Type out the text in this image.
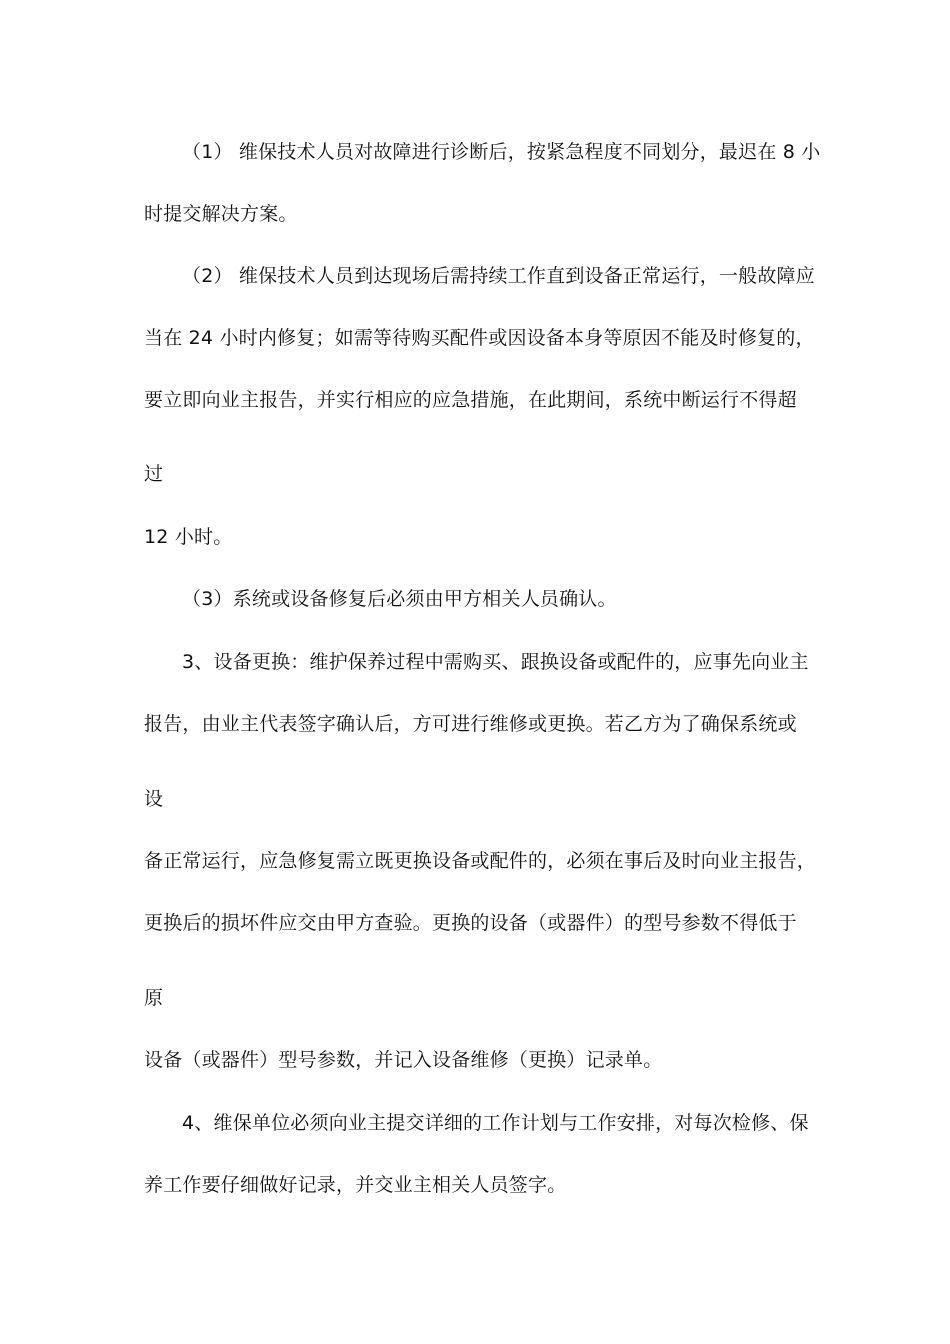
（1） 维保技术人员对故障进行诊断后，按紧急程度不同划分，最迟在 8 小
时提交解决方案。
（2） 维保技术人员到达现场后需持续工作直到设备正常运行，一般故障应
当在 24 小时内修复；如需等待购买配件或因设备本身等原因不能及时修复的，
要立即向业主报告，并实行相应的应急措施，在此期间，系统中断运行不得超
过
12 小时。
（3）系统或设备修复后必须由甲方相关人员确认。
3、设备更换：维护保养过程中需购买、跟换设备或配件的，应事先向业主
报告，由业主代表签字确认后，方可进行维修或更换。若乙方为了确保系统或
设
备正常运行，应急修复需立既更换设备或配件的，必须在事后及时向业主报告，
更换后的损坏件应交由甲方查验。更换的设备（或器件）的型号参数不得低于
原
设备（或器件）型号参数，并记入设备维修（更换）记录单。
4、维保单位必须向业主提交详细的工作计划与工作安排，对每次检修、保
养工作要仔细做好记录，并交业主相关人员签字。
